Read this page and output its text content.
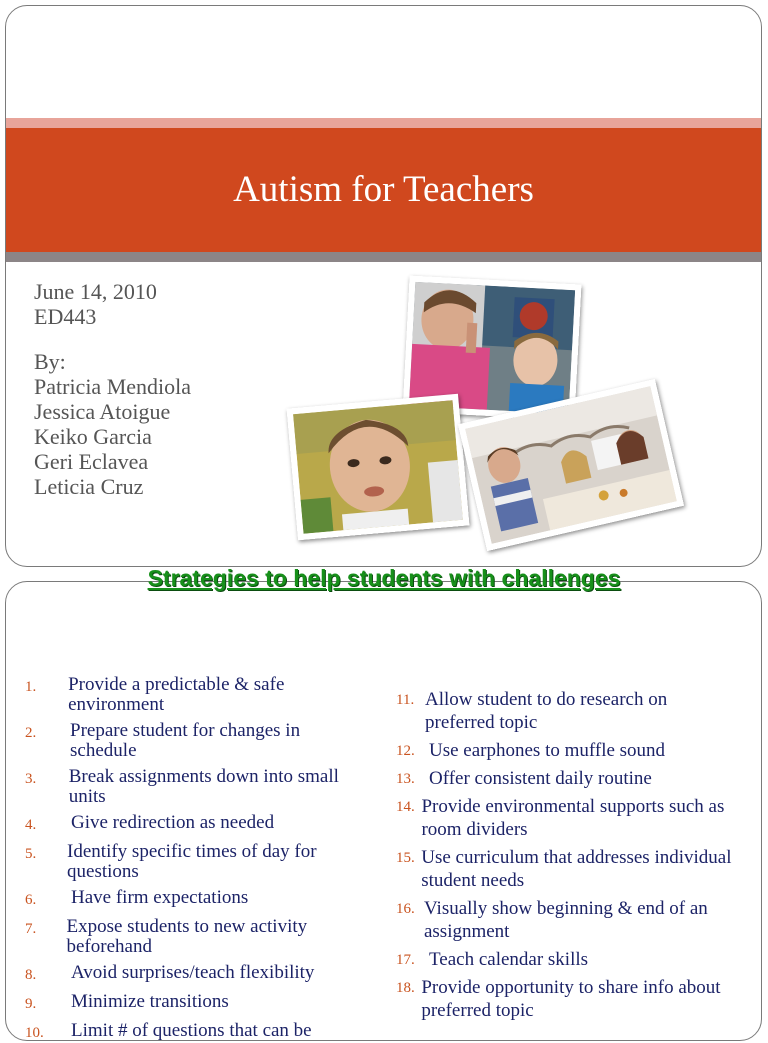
Autism for Teachers
June 14, 2010
ED443
By:
Patricia Mendiola
Jessica Atoigue
Keiko Garcia
Geri Eclavea
Leticia Cruz
Strategies to help students with challenges
1.	Provide a predictable & safe environment
2.	Prepare student for changes in schedule
3.	Break assignments down into small units
4.	Give redirection as needed
5.	Identify specific times of day for questions
6.	Have firm expectations
7.	Expose students to new activity beforehand
8.	Avoid surprises/teach flexibility
9.	Minimize transitions
10.	Limit # of questions that can be
11. Allow student to do research on preferred topic
12. Use earphones to muffle sound
13. Offer consistent daily routine
14. Provide environmental supports such as room dividers
15. Use curriculum that addresses individual student needs
16. Visually show beginning & end of an assignment
17. Teach calendar skills
18. Provide opportunity to share info about preferred topic
